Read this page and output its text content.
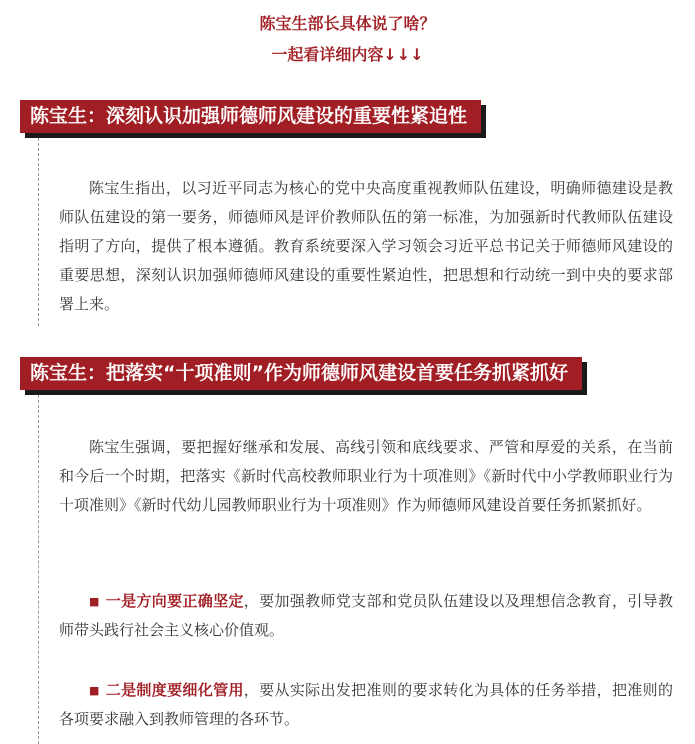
陈宝生部长具体说了啥？
一起看详细内容↓↓↓
陈宝生：深刻认识加强师德师风建设的重要性紧迫性

陈宝生指出，以习近平同志为核心的党中央高度重视教师队伍建设，明确师德建设是教师队伍建设的第一要务，师德师风是评价教师队伍的第一标准，为加强新时代教师队伍建设指明了方向，提供了根本遵循。教育系统要深入学习领会习近平总书记关于师德师风建设的重要思想，深刻认识加强师德师风建设的重要性紧迫性，把思想和行动统一到中央的要求部署上来。

陈宝生：把落实“十项准则”作为师德师风建设首要任务抓紧抓好

陈宝生强调，要把握好继承和发展、高线引领和底线要求、严管和厚爱的关系，在当前和今后一个时期，把落实《新时代高校教师职业行为十项准则》《新时代中小学教师职业行为十项准则》《新时代幼儿园教师职业行为十项准则》作为师德师风建设首要任务抓紧抓好。

■ 一是方向要正确坚定，要加强教师党支部和党员队伍建设以及理想信念教育，引导教师带头践行社会主义核心价值观。

■ 二是制度要细化管用，要从实际出发把准则的要求转化为具体的任务举措，把准则的各项要求融入到教师管理的各环节。
